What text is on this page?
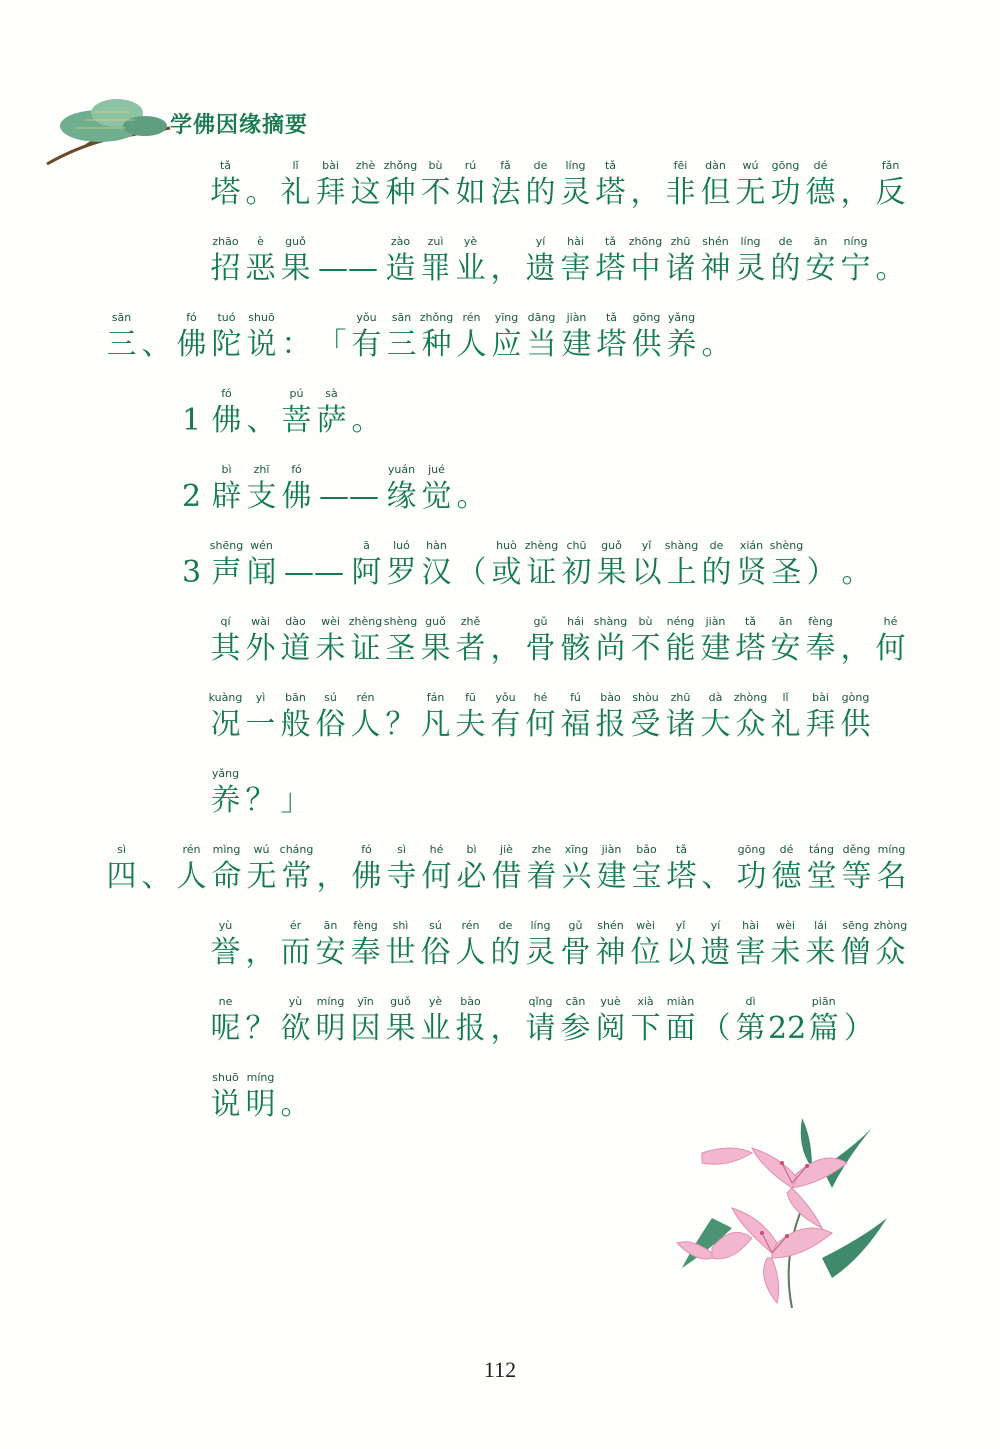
学佛因缘摘要
tǎ
塔 。
lǐ
礼
bài
拜
zhè
这
zhǒng
种
bù
不
rú
如
fǎ
法
de
的
líng
灵
tǎ
塔 ，
fēi
非
dàn
但
wú
无
gōng
功
dé
德 ，
fǎn
反
zhāo
招
è
恶
guǒ
果 ——
zào
造
zuì
罪
yè
业 ，
yí
遗
hài
害
tǎ
塔
zhōng
中
zhū
诸
shén
神
líng
灵
de
的
ān
安
níng
宁 。
sān
三 、
fó
佛
tuó
陀
shuō
说 ： 「
yǒu
有
sān
三
zhǒng
种
rén
人
yīng
应
dāng
当
jiàn
建
tǎ
塔
gōng
供
yǎng
养 。
1
fó
佛 、
pú
菩
sà
萨 。
2
bì
辟
zhī
支
fó
佛 ——
yuán
缘
jué
觉 。
3
shēng
声
wén
闻 ——
ā
阿
luó
罗
hàn
汉 （
huò
或
zhèng
证
chū
初
guǒ
果
yǐ
以
shàng
上
de
的
xián
贤
shèng
圣 ） 。
qí
其
wài
外
dào
道
wèi
未
zhèng
证
shèng
圣
guǒ
果
zhě
者 ，
gǔ
骨
hái
骸
shàng
尚
bù
不
néng
能
jiàn
建
tǎ
塔
ān
安
fèng
奉 ，
hé
何
kuàng
况
yì
一
bān
般
sú
俗
rén
人 ？
fán
凡
fū
夫
yǒu
有
hé
何
fú
福
bào
报
shòu
受
zhū
诸
dà
大
zhòng
众
lǐ
礼
bài
拜
gòng
供
yǎng
养 ？ 」
sì
四 、
rén
人
mìng
命
wú
无
cháng
常 ，
fó
佛
sì
寺
hé
何
bì
必
jiè
借
zhe
着
xīng
兴
jiàn
建
bǎo
宝
tǎ
塔 、
gōng
功
dé
德
táng
堂
děng
等
míng
名
yù
誉 ，
ér
而
ān
安
fèng
奉
shì
世
sú
俗
rén
人
de
的
líng
灵
gǔ
骨
shén
神
wèi
位
yǐ
以
yí
遗
hài
害
wèi
未
lái
来
sēng
僧
zhòng
众
ne
呢 ？
yù
欲
míng
明
yīn
因
guǒ
果
yè
业
bào
报 ，
qǐng
请
cān
参
yuè
阅
xià
下
miàn
面 （
dì
第 22
piān
篇 ）
shuō
说
míng
明 。
112
